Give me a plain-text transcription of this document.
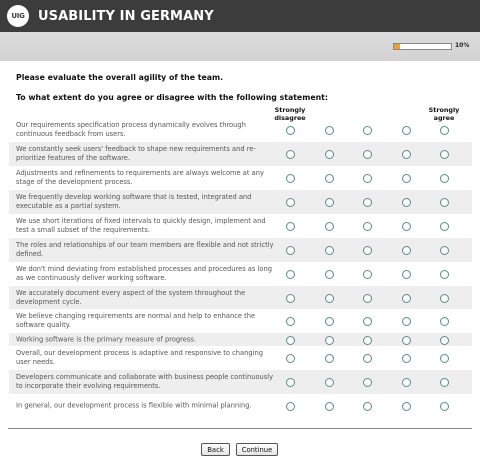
UIG USABILITY IN GERMANY
10%
Please evaluate the overall agility of the team.
To what extent do you agree or disagree with the following statement:
Strongly disagree
Strongly agree
Our requirements specification process dynamically evolves through continuous feedback from users.
We constantly seek users' feedback to shape new requirements and re-prioritize features of the software.
Adjustments and refinements to requirements are always welcome at any stage of the development process.
We frequently develop working software that is tested, integrated and executable as a partial system.
We use short iterations of fixed intervals to quickly design, implement and test a small subset of the requirements.
The roles and relationships of our team members are flexible and not strictly defined.
We don't mind deviating from established processes and procedures as long as we continuously deliver working software.
We accurately document every aspect of the system throughout the development cycle.
We believe changing requirements are normal and help to enhance the software quality.
Working software is the primary measure of progress.
Overall, our development process is adaptive and responsive to changing user needs.
Developers communicate and collaborate with business people continuously to incorporate their evolving requirements.
In general, our development process is flexible with minimal planning.
Back	Continue
